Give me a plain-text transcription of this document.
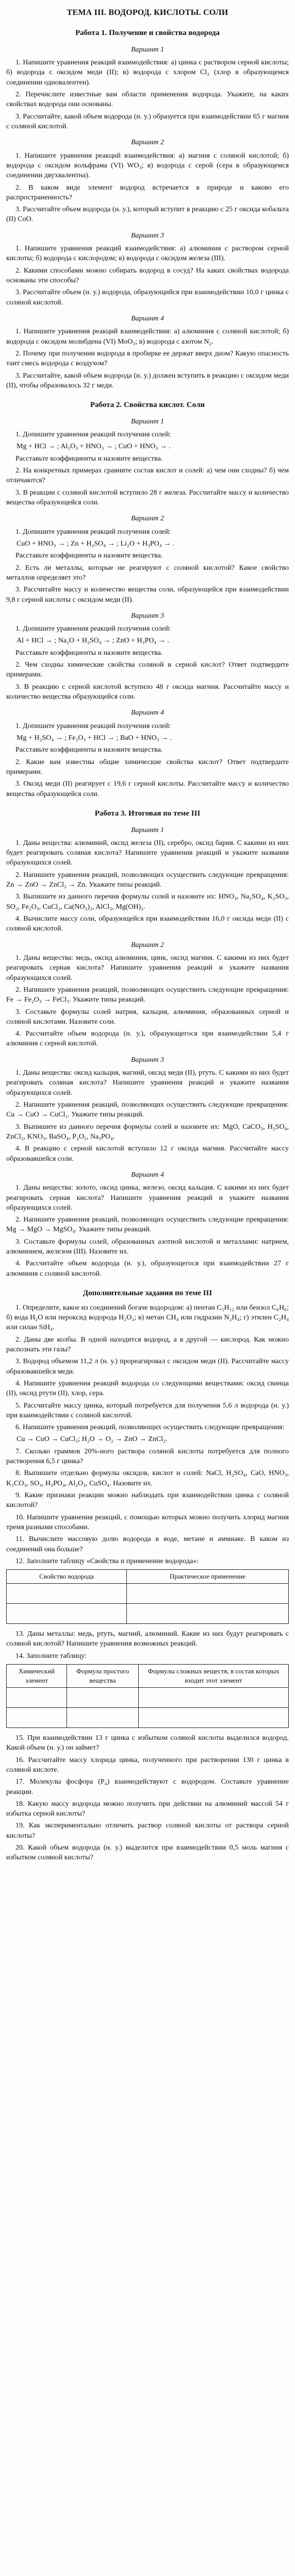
ТЕМА III. ВОДОРОД. КИСЛОТЫ. СОЛИ
Работа 1. Получение и свойства водорода
Вариант 1

1. Напишите уравнения реакций взаимодействия: а) цинка с раствором серной кислоты; б) водорода с оксидом меди (II); в) водорода с хлором Cl₂ (хлор в образующемся соединении одновалентен).

2. Перечислите известные вам области применения водорода. Укажите, на каких свойствах водорода они основаны.

3. Рассчитайте, какой объем водорода (н. у.) образуется при взаимодействии 65 г магния с соляной кислотой.

Вариант 2

1. Напишите уравнения реакций взаимодействия: а) магния с соляной кислотой; б) водорода с оксидом вольфрама (VI) WO₃; в) водорода с серой (сера в образующемся соединении двухвалентна).

2. В каком виде элемент водород встречается в природе и каково его распространенность?

3. Рассчитайте объем водорода (н. у.), который вступит в реакцию с 25 г оксида кобальта (II) CoO.

Вариант 3

1. Напишите уравнения реакций взаимодействия: а) алюминия с раствором серной кислоты; б) водорода с кислородом; в) водорода с оксидом железа (III).

2. Какими способами можно собирать водород в сосуд? На каких свойствах водорода основаны эти способы?

3. Рассчитайте объем (н. у.) водорода, образующийся при взаимодействии 10,0 г цинка с соляной кислотой.

Вариант 4

1. Напишите уравнения реакций взаимодействия: а) алюминия с соляной кислотой; б) водорода с оксидом молибдена (VI) MoO₃; в) водорода с азотом N₂.

2. Почему при получении водорода в пробирке ее держат вверх дном? Какую опасность таит смесь водорода с воздухом?

3. Рассчитайте, какой объем водорода (н. у.) должен вступить в реакцию с оксидом меди (II), чтобы образовалось 32 г меди.

Работа 2. Свойства кислот. Соли
Вариант 1

1. Допишите уравнения реакций получения солей:

Mg + HCl → ; Al₂O₃ + HNO₃ → ; CuO + HNO₃ → .

Расставьте коэффициенты и назовите вещества.

2. На конкретных примерах сравните состав кислот и солей: а) чем они сходны? б) чем отличаются?

3. В реакции с соляной кислотой вступило 28 г железа. Рассчитайте массу и количество вещества образующейся соли.

Вариант 2

1. Допишите уравнения реакций получения солей:

CuO + HNO₃ → ; Zn + H₂SO₄ → ; Li₂O + H₃PO₄ → .

Расставьте коэффициенты и назовите вещества.

2. Есть ли металлы, которые не реагируют с соляной кислотой? Какое свойство металлов определяет это?

3. Рассчитайте массу и количество вещества соли, образующейся при взаимодействии 9,8 г серной кислоты с оксидом меди (II).

Вариант 3

1. Допишите уравнения реакций получения солей:

Al + HCl → ; Na₂O + H₂SO₄ → ; ZnO + H₃PO₄ → .

Расставьте коэффициенты и назовите вещества.

2. Чем сходны химические свойства соляной и серной кислот? Ответ подтвердите примерами.

3. В реакцию с серной кислотой вступило 48 г оксида магния. Рассчитайте массу и количество вещества образующейся соли.

Вариант 4

1. Допишите уравнения реакций получения солей:

Mg + H₂SO₄ → ; Fe₂O₃ + HCl → ; BaO + HNO₃ → .

Расставьте коэффициенты и назовите вещества.

2. Какие вам известны общие химические свойства кислот? Ответ подтвердите примерами.

3. Оксид меди (II) реагирует с 19,6 г серной кислоты. Рассчитайте массу и количество вещества образующейся соли.

Работа 3. Итоговая по теме III
Вариант 1

1. Даны вещества: алюминий, оксид железа (II), серебро, оксид бария. С какими из них будет реагировать соляная кислота? Напишите уравнения реакций и укажите названия образующихся солей.

2. Напишите уравнения реакций, позволяющих осуществить следующие превращения: Zn → ZnO → ZnCl₂ → Zn. Укажите типы реакций.

3. Выпишите из данного перечня формулы солей и назовите их: HNO₃, Na₂SO₄, K₂SO₃, SO₂, Fe₂O₃, CuCl₂, Ca(NO₃)₂, AlCl₃, Mg(OH)₂.

4. Вычислите массу соли, образующейся при взаимодействии 16,0 г оксида меди (II) с соляной кислотой.

Вариант 2

1. Даны вещества: медь, оксид алюминия, цинк, оксид магния. С какими из них будет реагировать серная кислота? Напишите уравнения реакций и укажите названия образующихся солей.

2. Напишите уравнения реакций, позволяющих осуществить следующие превращения: Fe → Fe₂O₃ → FeCl₃. Укажите типы реакций.

3. Составьте формулы солей натрия, кальция, алюминия, образованных серной и соляной кислотами. Назовите соли.

4. Рассчитайте объем водорода (н. у.), образующегося при взаимодействии 5,4 г алюминия с серной кислотой.

Вариант 3

1. Даны вещества: оксид кальция, магний, оксид меди (II), ртуть. С какими из них будет реагировать соляная кислота? Напишите уравнения реакций и укажите названия образующихся солей.

2. Напишите уравнения реакций, позволяющих осуществить следующие превращения: Cu → CuO → CuCl₂. Укажите типы реакций.

3. Выпишите из данного перечня формулы солей и назовите их: MgO, CaCO₃, H₂SO₄, ZnCl₂, KNO₃, BaSO₄, P₂O₅, Na₃PO₄.

4. В реакцию с серной кислотой вступило 12 г оксида магния. Рассчитайте массу образовавшейся соли.

Вариант 4

1. Даны вещества: золото, оксид цинка, железо, оксид кальция. С какими из них будет реагировать серная кислота? Напишите уравнения реакций и укажите названия образующихся солей.

2. Напишите уравнения реакций, позволяющих осуществить следующие превращения: Mg → MgO → MgSO₄. Укажите типы реакций.

3. Составьте формулы солей, образованных азотной кислотой и металлами: натрием, алюминием, железом (III). Назовите их.

4. Рассчитайте объем водорода (н. у.), образующегося при взаимодействии 27 г алюминия с соляной кислотой.

Дополнительные задания по теме III

1. Определите, какое из соединений богаче водородом: а) пентан C₅H₁₂ или бензол C₆H₆; б) вода H₂O или пероксид водорода H₂O₂; в) метан CH₄ или гидразин N₂H₄; г) этилен C₂H₄ или силан SiH₄.

2. Даны две колбы. В одной находится водород, а в другой — кислород. Как можно распознать эти газы?

3. Водород объемом 11,2 л (н. у.) прореагировал с оксидом меди (II). Рассчитайте массу образовавшейся меди.

4. Напишите уравнения реакций водорода со следующими веществами: оксид свинца (II), оксид ртути (II), хлор, сера.

5. Рассчитайте массу цинка, который потребуется для получения 5,6 л водорода (н. у.) при взаимодействии с соляной кислотой.

6. Напишите уравнения реакций, позволяющих осуществить следующие превращения:

Cu → CuO → CuCl₂; H₂O → O₂ → ZnO → ZnCl₂.

7. Сколько граммов 20%-ного раствора соляной кислоты потребуется для полного растворения 6,5 г цинка?

8. Выпишите отдельно формулы оксидов, кислот и солей: NaCl, H₂SO₄, CaO, HNO₃, K₂CO₃, SO₃, H₃PO₄, Al₂O₃, CuSO₄. Назовите их.

9. Какие признаки реакции можно наблюдать при взаимодействии цинка с соляной кислотой?

10. Напишите уравнения реакций, с помощью которых можно получить хлорид магния тремя разными способами.

11. Вычислите массовую долю водорода в воде, метане и аммиаке. В каком из соединений она больше?

12. Заполните таблицу «Свойства и применение водорода»:

Свойство водорода	Практическое применение

13. Даны металлы: медь, ртуть, магний, алюминий. Какие из них будут реагировать с соляной кислотой? Напишите уравнения возможных реакций.

14. Заполните таблицу:

Химический элемент	Формула простого вещества	Формулы сложных веществ, в состав которых входит этот элемент

15. При взаимодействии 13 г цинка с избытком соляной кислоты выделился водород. Какой объем (н. у.) он займет?

16. Рассчитайте массу хлорида цинка, полученного при растворении 130 г цинка в соляной кислоте.

17. Молекулы фосфора (P₄) взаимодействуют с водородом. Составьте уравнение реакции.

18. Какую массу водорода можно получить при действии на алюминий массой 54 г избытка серной кислоты?

19. Как экспериментально отличить раствор соляной кислоты от раствора серной кислоты?

20. Какой объем водорода (н. у.) выделится при взаимодействии 0,5 моль магния с избытком соляной кислоты?
